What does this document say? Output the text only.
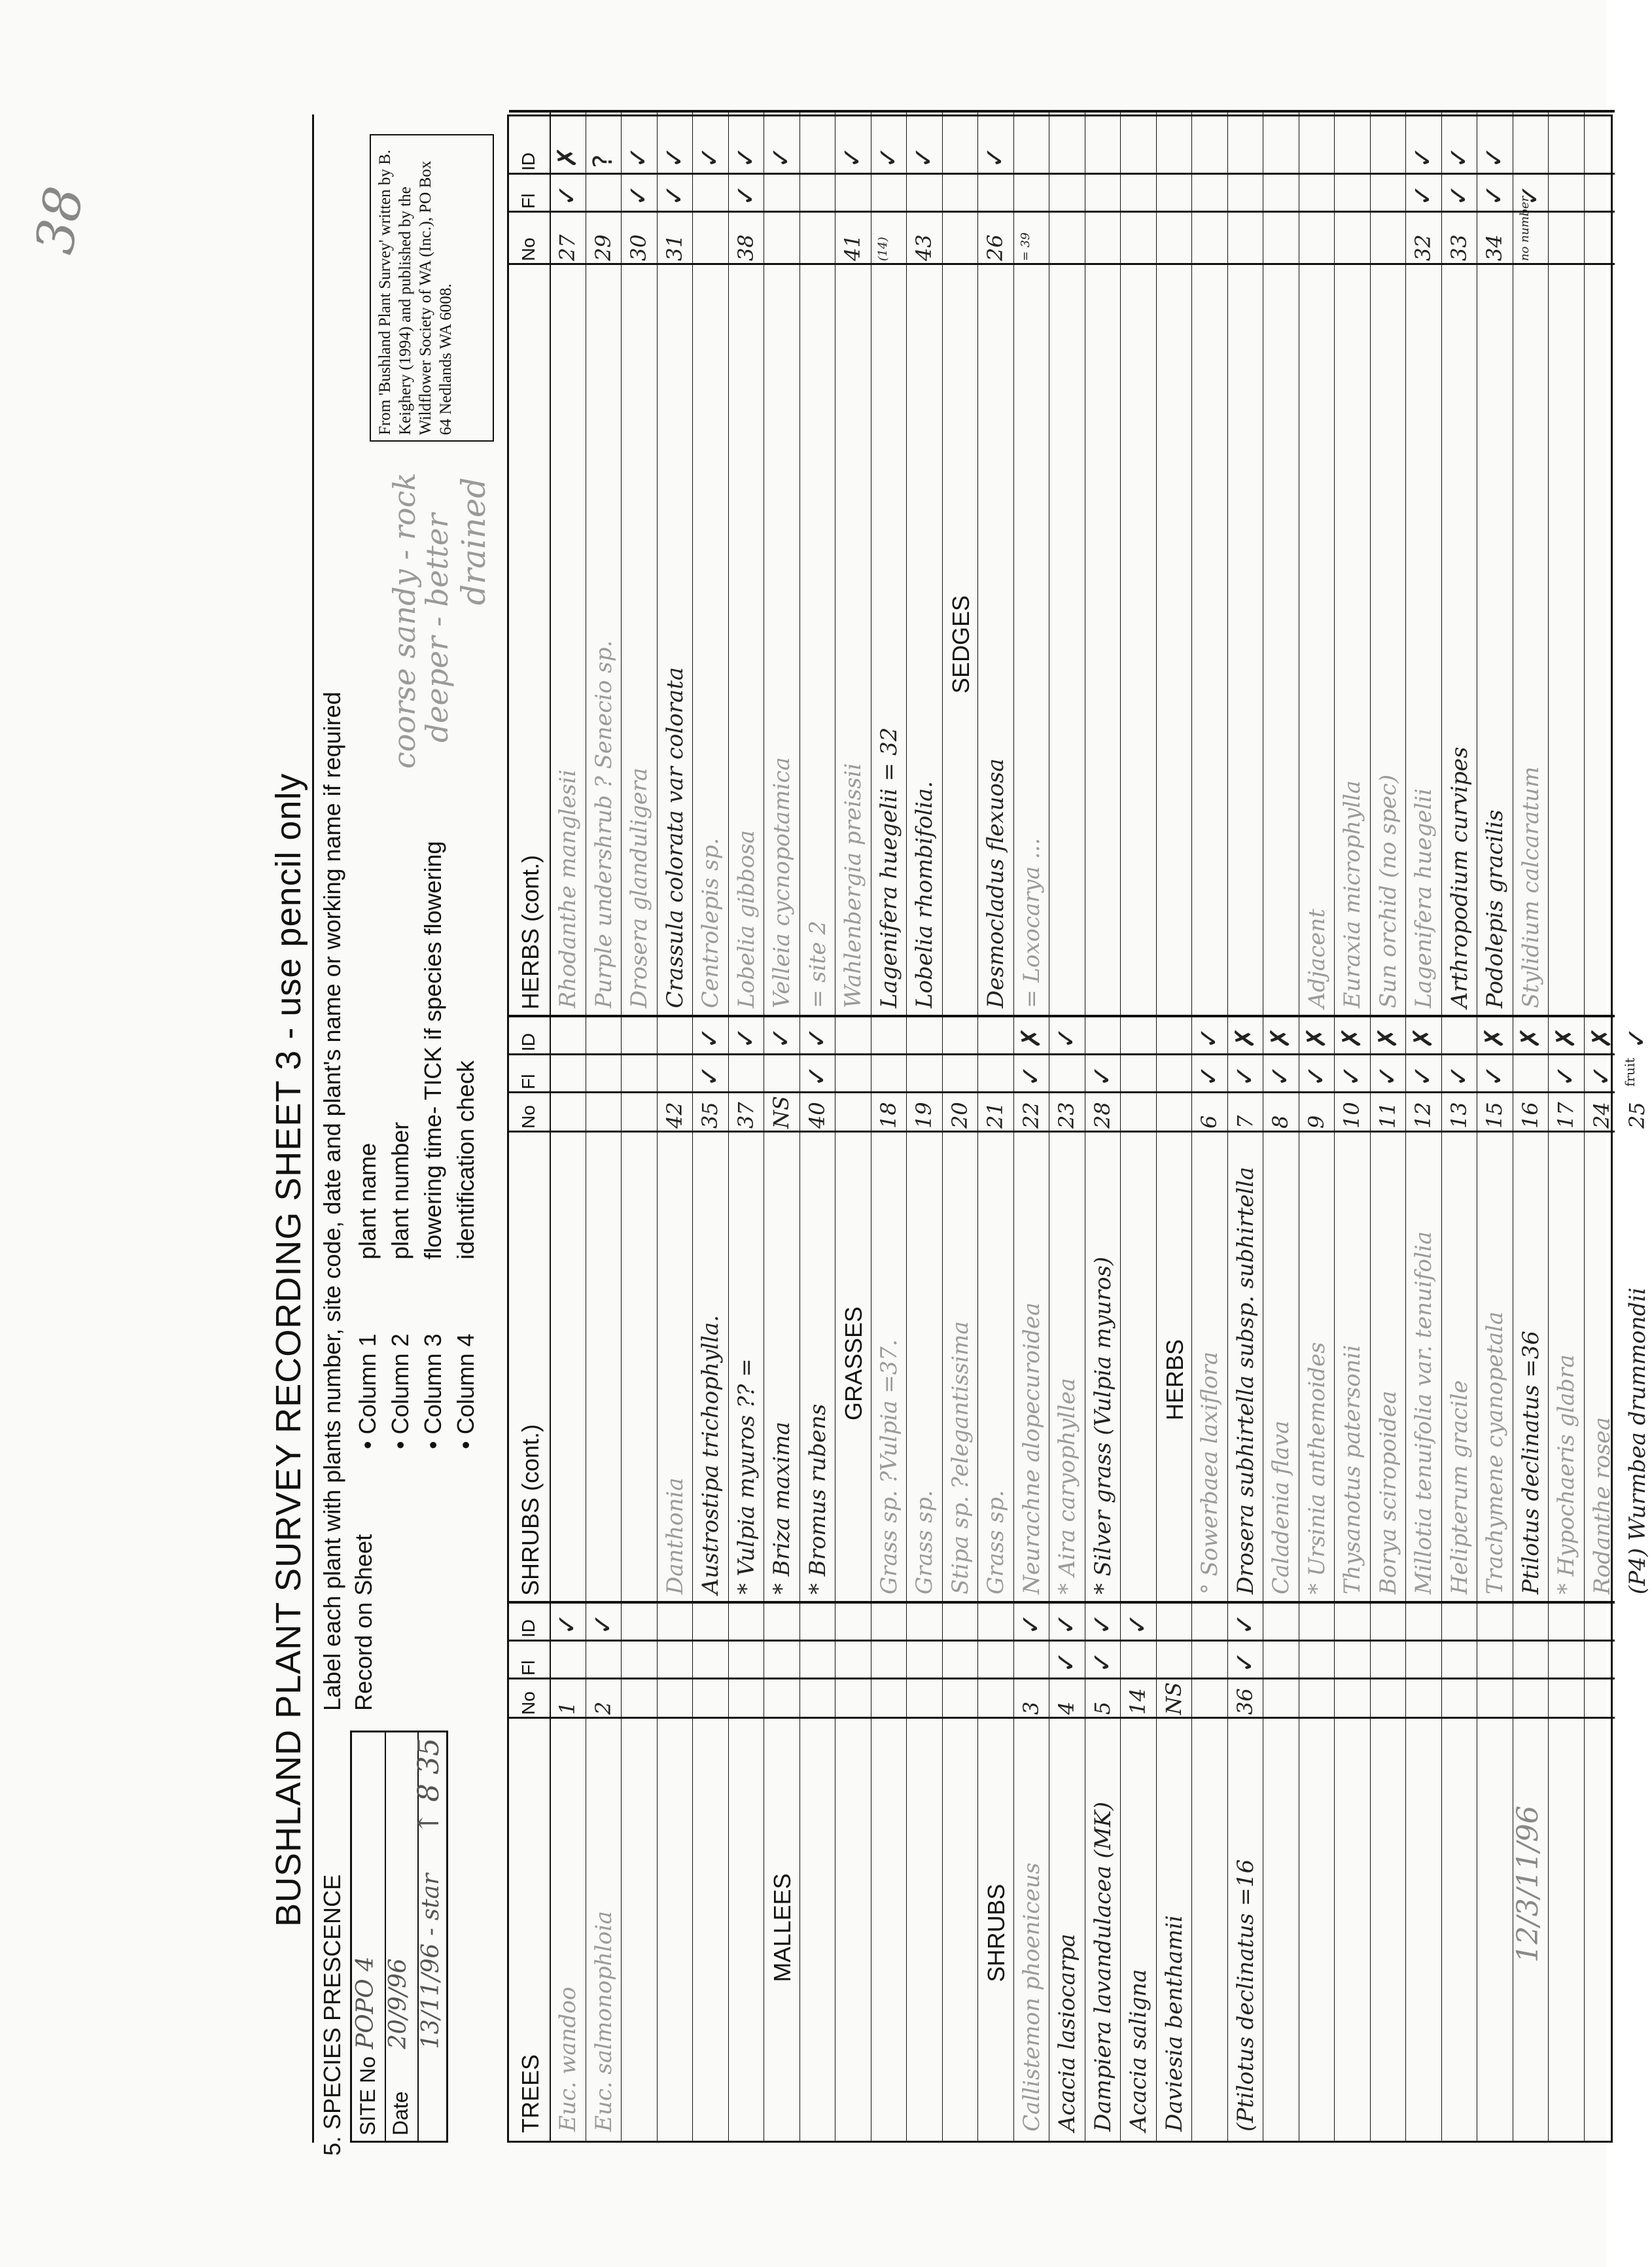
38
12/3/11/96
BUSHLAND PLANT SURVEY RECORDING SHEET 3 - use pencil only
5.
SPECIES PRESCENCE SITE No
POPO 4
Date
20/9/96 13/11/96 - star
↑ 8 35
Label each plant with plants number, site code, date and plant's name or working name if required Record on Sheet
• Column 1
plant name
• Column 2
plant number
• Column 3
flowering time- TICK if species flowering
• Column 4
identification check
coorse sandy - rock
deeper - better drained
From 'Bushland Plant Survey' written by B. Keighery (1994) and published by the Wildflower Society of WA (Inc.), PO Box 64 Nedlands WA 6008.
TREES
No
Fl
ID
Euc. wandoo
1
✓
Euc. salmonophloia
2
✓
MALLEES	SHRUBS Callistemon phoeniceus
3
✓
Acacia lasiocarpa
4
✓
✓
Dampiera lavandulacea (MK)
5
✓
✓
Acacia saligna
14
✓
Daviesia benthamii
NS
(Ptilotus declinatus =16
36
✓
✓
SHRUBS (cont.)
No
Fl
ID
Danthonia
42
Austrostipa trichophylla.
35
✓
✓
* Vulpia myuros ?? =
37
✓
* Briza maxima
NS
✓
* Bromus rubens
40
✓
✓
GRASSES Grass sp. ?Vulpia =37.
18
Grass sp.
19
Stipa sp. ?elegantissima
20
Grass sp.
21
Neurachne alopecuroidea
22
✓
✗
* Aira caryophyllea
23
✓
* Silver grass (Vulpia myuros)
28
✓
HERBS ° Sowerbaea laxiflora
6
✓
✓
Drosera subhirtella subsp. subhirtella
7
✓
✗
Caladenia flava
8
✓
✗
* Ursinia anthemoides
9
✓
✗
Thysanotus patersonii
10
✓
✗
Borya sciropoidea
11
✓
✗
Millotia tenuifolia var. tenuifolia
12
✓
✗
Helipterum gracile
13
✓
Trachymene cyanopetala
15
✓
✗
Ptilotus declinatus =36
16
✗
* Hypochaeris glabra
17
✓
✗
Rodanthe rosea
24
✓
✗
(P4) Wurmbea drummondii
25
fruit
✓
HERBS (cont.)
No
Fl
ID
Rhodanthe manglesii
27
✓
✗
Purple undershrub ? Senecio sp.
29
?
Drosera glanduligera
30
✓
✓
Crassula colorata var colorata
31
✓
✓
Centrolepis sp.
✓
Lobelia gibbosa
38
✓
✓
Velleia cycnopotamica
✓
= site 2 Wahlenbergia preissii
41
✓
Lagenifera huegelii = 32
(14)
✓
Lobelia rhombifolia.
43
✓
SEDGES
Desmocladus flexuosa
26
✓
= Loxocarya ...
= 39
Adjacent Euraxia microphylla Sun orchid (no spec) Lagenifera huegelii
32
✓
✓
Arthropodium curvipes
33
✓
✓
Podolepis gracilis
34
✓
✓
Stylidium calcaratum
no number
✓
